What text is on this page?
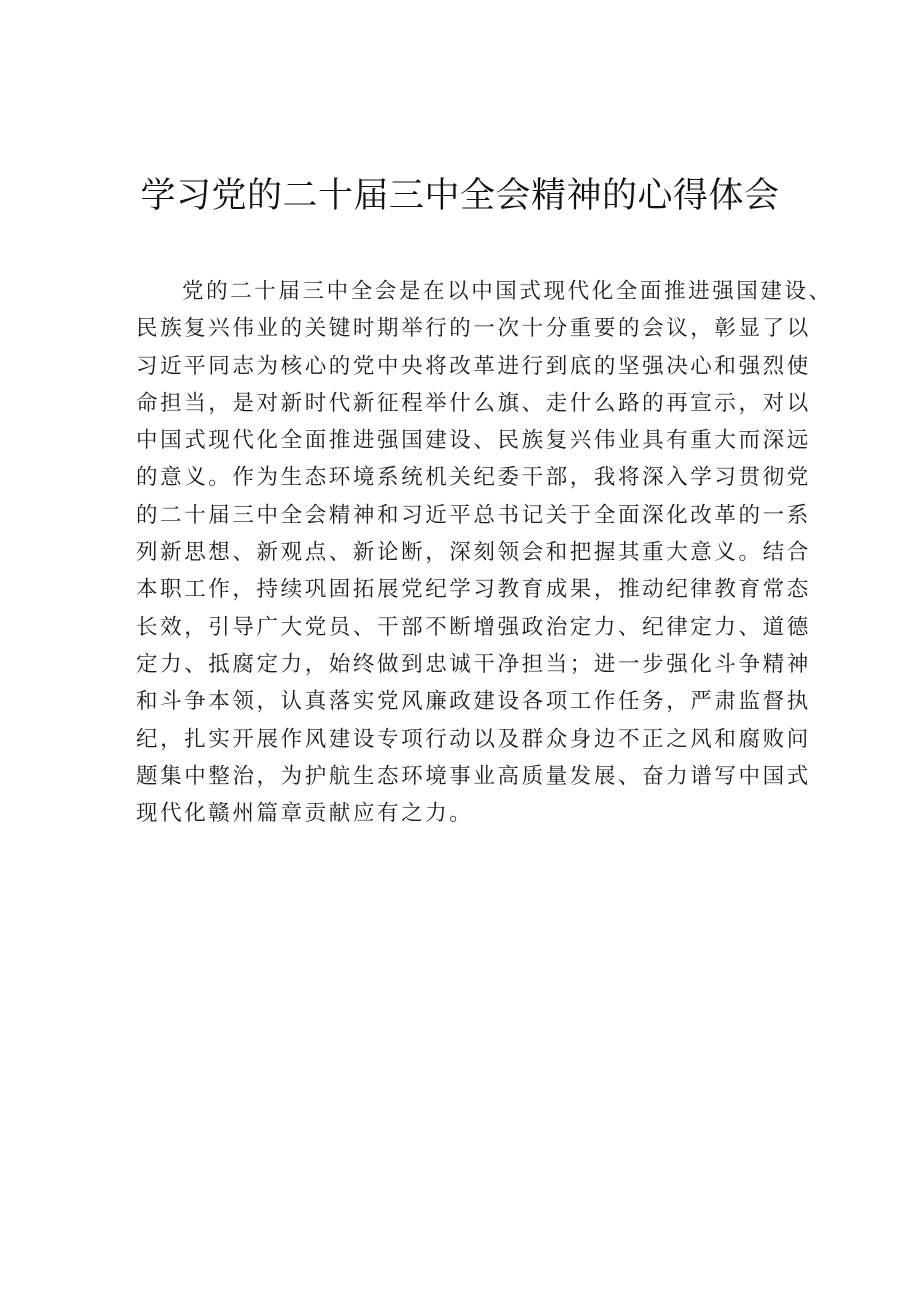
学习党的二十届三中全会精神的心得体会
党的二十届三中全会是在以中国式现代化全面推进强国建设、
民族复兴伟业的关键时期举行的一次十分重要的会议，彰显了以
习近平同志为核心的党中央将改革进行到底的坚强决心和强烈使
命担当，是对新时代新征程举什么旗、走什么路的再宣示，对以
中国式现代化全面推进强国建设、民族复兴伟业具有重大而深远
的意义。作为生态环境系统机关纪委干部，我将深入学习贯彻党
的二十届三中全会精神和习近平总书记关于全面深化改革的一系
列新思想、新观点、新论断，深刻领会和把握其重大意义。结合
本职工作，持续巩固拓展党纪学习教育成果，推动纪律教育常态
长效，引导广大党员、干部不断增强政治定力、纪律定力、道德
定力、抵腐定力，始终做到忠诚干净担当；进一步强化斗争精神
和斗争本领，认真落实党风廉政建设各项工作任务，严肃监督执
纪，扎实开展作风建设专项行动以及群众身边不正之风和腐败问
题集中整治，为护航生态环境事业高质量发展、奋力谱写中国式
现代化赣州篇章贡献应有之力。
